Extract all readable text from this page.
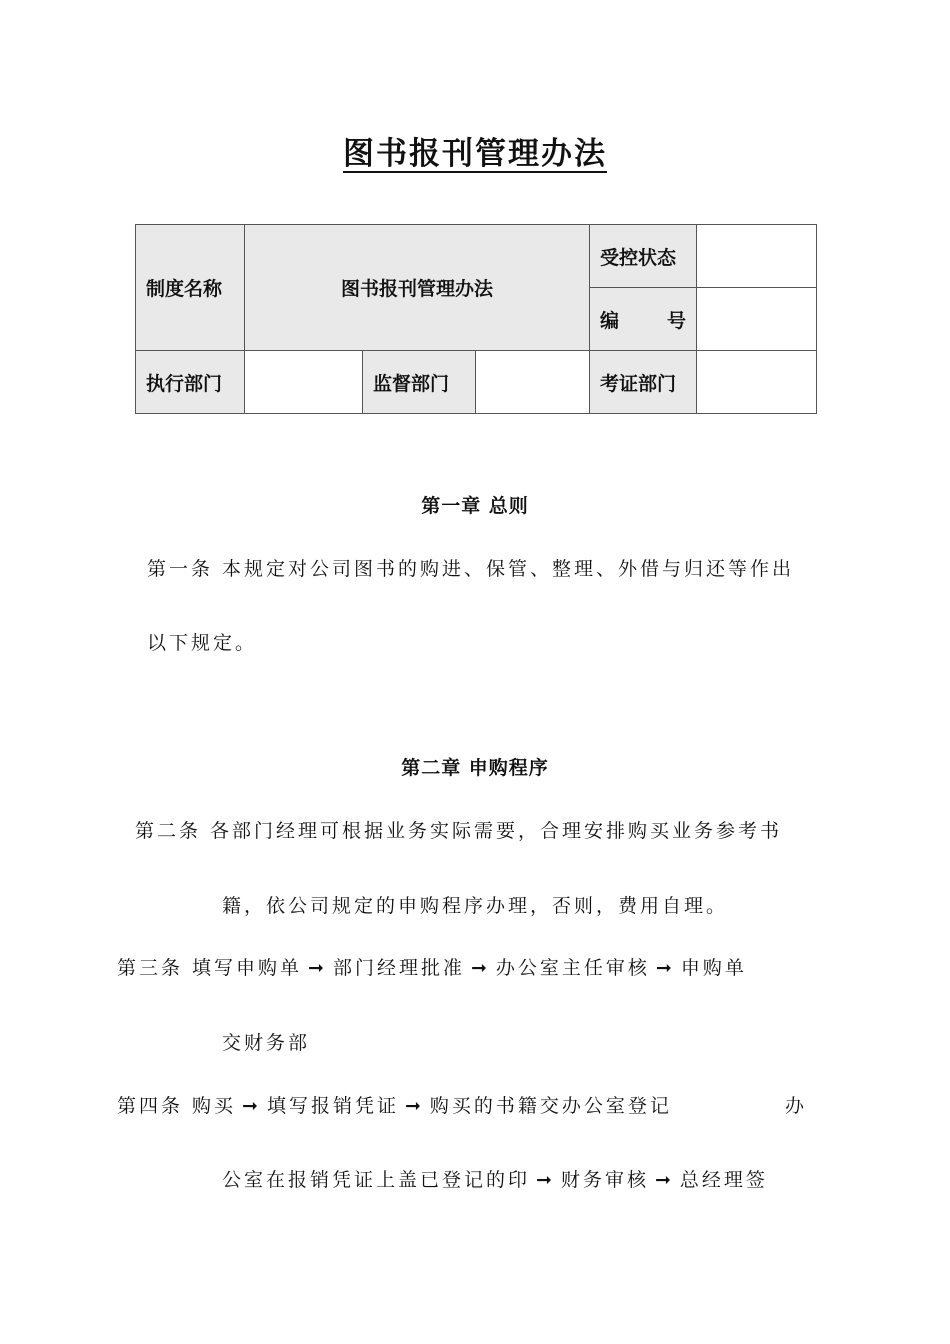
图书报刊管理办法
制度名称	图书报刊管理办法			受控状态	

				编 号	

执行部门		监督部门		考证部门	
第一章 总则
第一条 本规定对公司图书的购进、保管、整理、外借与归还等作出
以下规定。
第二章 申购程序
第二条 各部门经理可根据业务实际需要，合理安排购买业务参考书
籍，依公司规定的申购程序办理，否则，费用自理。
第三条 填写申购单 ➞ 部门经理批准 ➞ 办公室主任审核 ➞ 申购单
交财务部
第四条 购买 ➞ 填写报销凭证 ➞ 购买的书籍交办公室登记	办
公室在报销凭证上盖已登记的印 ➞ 财务审核 ➞ 总经理签
